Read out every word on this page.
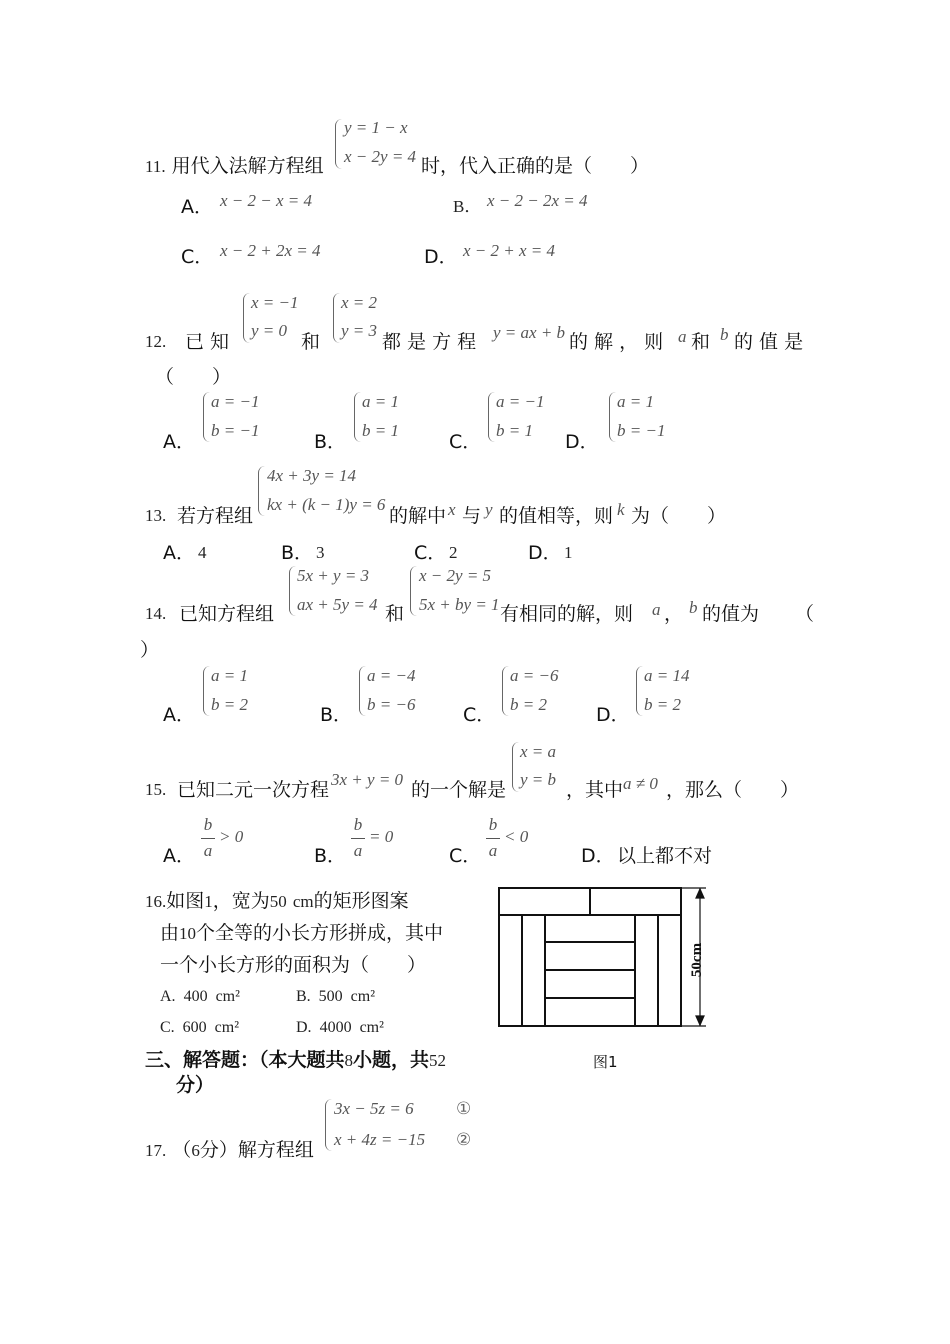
y = 1 − x
x − 2y = 4
11. 用代入法解方程组	时，代入正确的是（　　）
A． x − 2 − x = 4	B． x − 2 − 2x = 4
C． x − 2 + 2x = 4	D． x − 2 + x = 4
12. 已 知
x = −1
y = 0
和
x = 2
y = 3
都 是 方 程 y = ax + b 的 解 ， 则 a 和 b 的 值 是
（　　）
A．
a = −1
b = −1
B．
a = 1
b = 1
C．
a = −1
b = 1
D．
a = 1
b = −1
13. 若方程组
4x + 3y = 14
kx + (k − 1)y = 6
的解中 x 与 y 的值相等，则 k 为（　　）
A． 4	B． 3	C． 2	D． 1
14. 已知方程组
5x + y = 3
ax + 5y = 4 和
x − 2y = 5
5x + by = 1 有相同的解，则 a ， b 的值为 （
）
A．
a = 1
b = 2	B．
a = −4
b = −6	C．
a = −6
b = 2	D．
a = 14
b = 2
15. 已知二元一次方程 3x + y = 0 的一个解是
x = a
y = b ，其中 a ≠ 0 ，那么（　　）
A．
b
a
> 0
B．
b
a
= 0
C．
b
a
< 0
D． 以上都不对
16.如图1，宽为50 cm的矩形图案
由10个全等的小长方形拼成，其中
一个小长方形的面积为（　　）
A. 400 cm²	B. 500 cm²
C. 600 cm²	D. 4000 cm²
50cm
图1
三、解答题：（本大题共8小题，共52
分）
17. （6分）解方程组
3x − 5z = 6
x + 4z = −15
①
②
